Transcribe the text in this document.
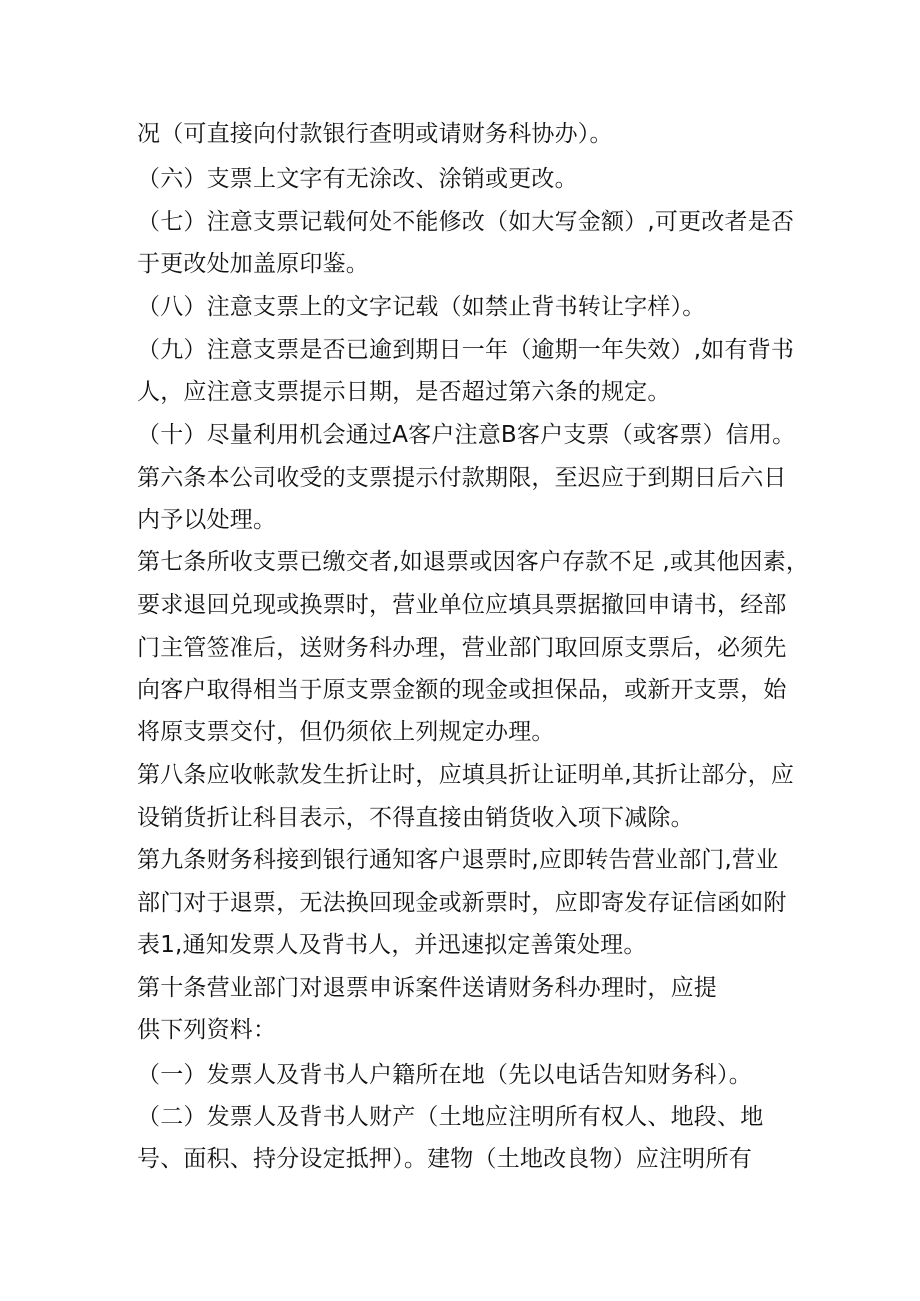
况（可直接向付款银行查明或请财务科协办）。
（六）支票上文字有无涂改、涂销或更改。
（七）注意支票记载何处不能修改（如大写金额）,可更改者是否
于更改处加盖原印鉴。
（八）注意支票上的文字记载（如禁止背书转让字样）。
（九）注意支票是否已逾到期日一年（逾期一年失效）,如有背书
人，应注意支票提示日期，是否超过第六条的规定。
（十）尽量利用机会通过A客户注意B客户支票（或客票）信用。
第六条本公司收受的支票提示付款期限，至迟应于到期日后六日
内予以处理。
第七条所收支票已缴交者,如退票或因客户存款不足 ,或其他因素，
要求退回兑现或换票时，营业单位应填具票据撤回申请书，经部
门主管签准后，送财务科办理，营业部门取回原支票后，必须先
向客户取得相当于原支票金额的现金或担保品，或新开支票，始
将原支票交付，但仍须依上列规定办理。
第八条应收帐款发生折让时，应填具折让证明单,其折让部分，应
设销货折让科目表示，不得直接由销货收入项下减除。
第九条财务科接到银行通知客户退票时,应即转告营业部门,营业
部门对于退票，无法换回现金或新票时，应即寄发存证信函如附
表1,通知发票人及背书人，并迅速拟定善策处理。
第十条营业部门对退票申诉案件送请财务科办理时，应提
供下列资料：
（一）发票人及背书人户籍所在地（先以电话告知财务科）。
（二）发票人及背书人财产（土地应注明所有权人、地段、地
号、面积、持分设定抵押）。建物（土地改良物）应注明所有
